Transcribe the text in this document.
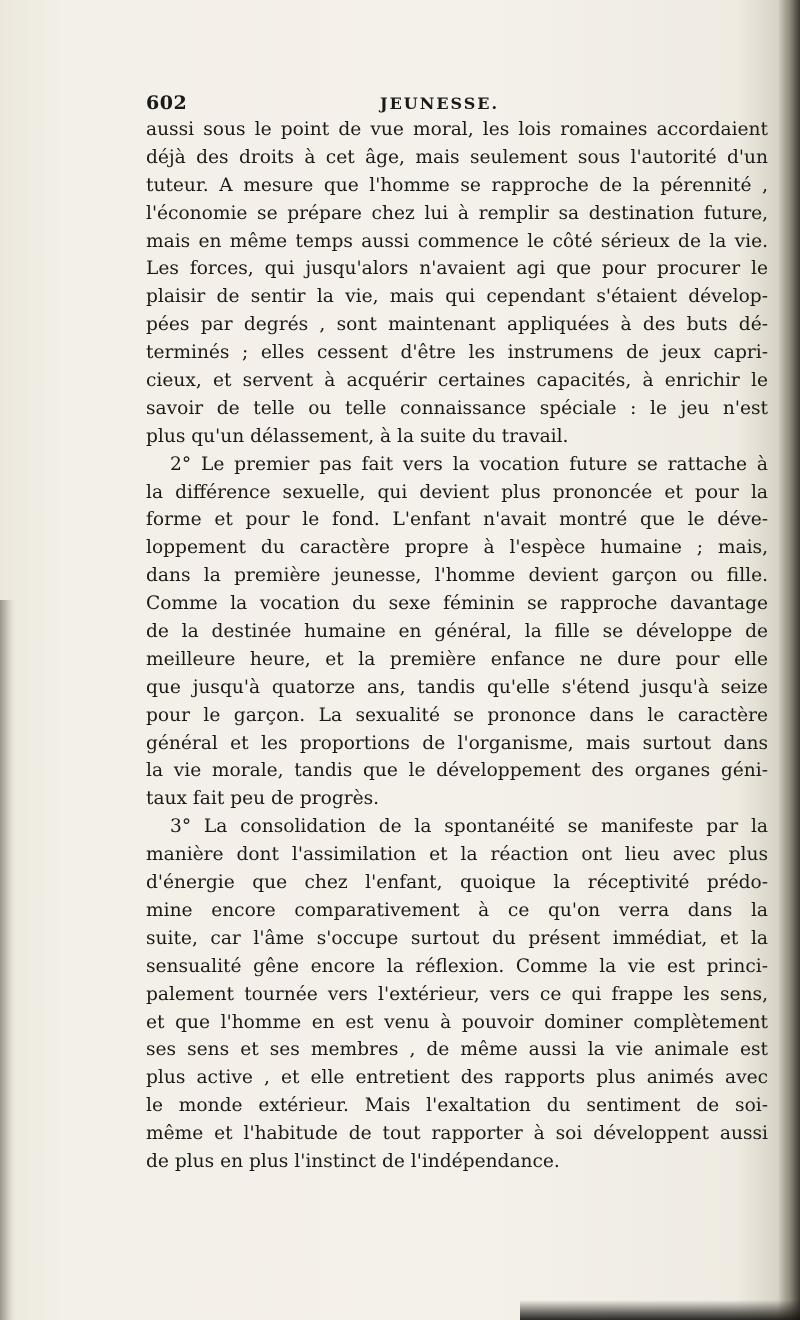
602	JEUNESSE.
aussi sous le point de vue moral, les lois romaines accordaient
déjà des droits à cet âge, mais seulement sous l'autorité d'un
tuteur. A mesure que l'homme se rapproche de la pérennité ,
l'économie se prépare chez lui à remplir sa destination future,
mais en même temps aussi commence le côté sérieux de la vie.
Les forces, qui jusqu'alors n'avaient agi que pour procurer le
plaisir de sentir la vie, mais qui cependant s'étaient dévelop-
pées par degrés , sont maintenant appliquées à des buts dé-
terminés ; elles cessent d'être les instrumens de jeux capri-
cieux, et servent à acquérir certaines capacités, à enrichir le
savoir de telle ou telle connaissance spéciale : le jeu n'est
plus qu'un délassement, à la suite du travail.
2° Le premier pas fait vers la vocation future se rattache à
la différence sexuelle, qui devient plus prononcée et pour la
forme et pour le fond. L'enfant n'avait montré que le déve-
loppement du caractère propre à l'espèce humaine ; mais,
dans la première jeunesse, l'homme devient garçon ou fille.
Comme la vocation du sexe féminin se rapproche davantage
de la destinée humaine en général, la fille se développe de
meilleure heure, et la première enfance ne dure pour elle
que jusqu'à quatorze ans, tandis qu'elle s'étend jusqu'à seize
pour le garçon. La sexualité se prononce dans le caractère
général et les proportions de l'organisme, mais surtout dans
la vie morale, tandis que le développement des organes géni-
taux fait peu de progrès.
3° La consolidation de la spontanéité se manifeste par la
manière dont l'assimilation et la réaction ont lieu avec plus
d'énergie que chez l'enfant, quoique la réceptivité prédo-
mine encore comparativement à ce qu'on verra dans la
suite, car l'âme s'occupe surtout du présent immédiat, et la
sensualité gêne encore la réflexion. Comme la vie est princi-
palement tournée vers l'extérieur, vers ce qui frappe les sens,
et que l'homme en est venu à pouvoir dominer complètement
ses sens et ses membres , de même aussi la vie animale est
plus active , et elle entretient des rapports plus animés avec
le monde extérieur. Mais l'exaltation du sentiment de soi-
même et l'habitude de tout rapporter à soi développent aussi
de plus en plus l'instinct de l'indépendance.
